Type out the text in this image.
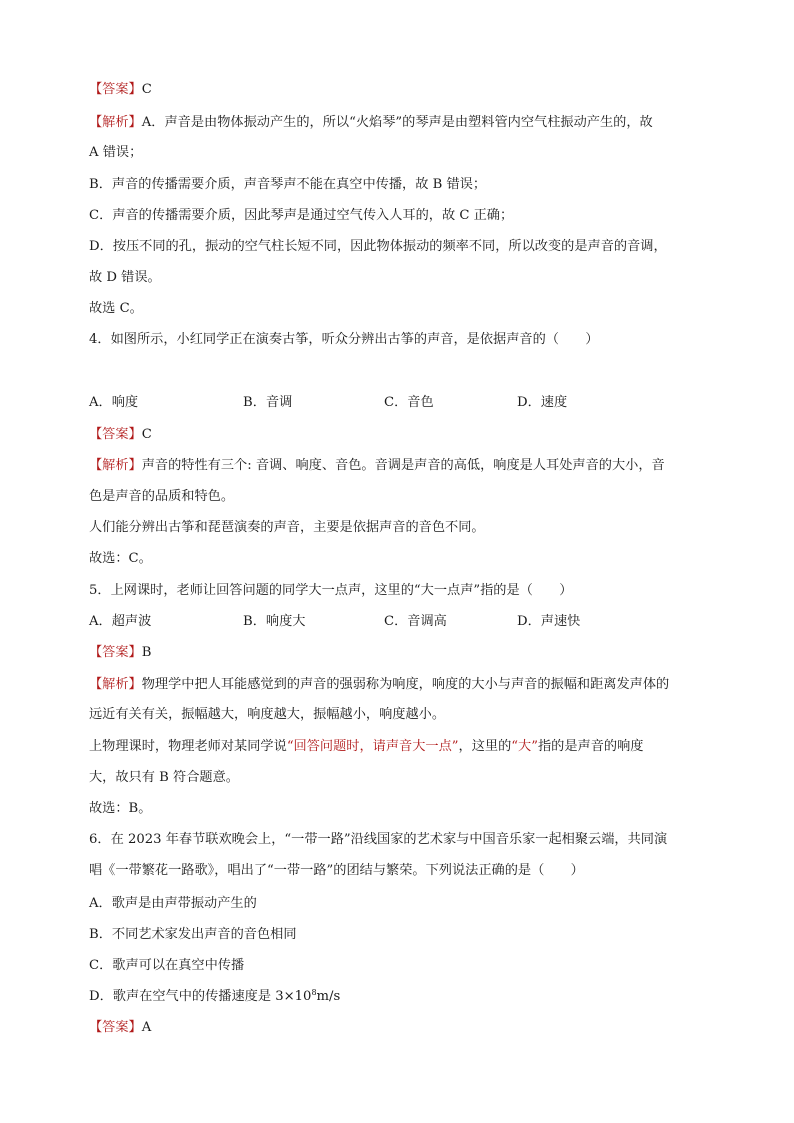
【答案】C
【解析】A．声音是由物体振动产生的，所以“火焰琴”的琴声是由塑料管内空气柱振动产生的，故
A 错误；
B．声音的传播需要介质，声音琴声不能在真空中传播，故 B 错误；
C．声音的传播需要介质，因此琴声是通过空气传入人耳的，故 C 正确；
D．按压不同的孔，振动的空气柱长短不同，因此物体振动的频率不同，所以改变的是声音的音调，
故 D 错误。
故选 C。
4．如图所示，小红同学正在演奏古筝，听众分辨出古筝的声音，是依据声音的（　　）
A．响度	B．音调	C．音色	D．速度
【答案】C
【解析】声音的特性有三个: 音调、响度、音色。音调是声音的高低，响度是人耳处声音的大小，音
色是声音的品质和特色。
人们能分辨出古筝和琵琶演奏的声音，主要是依据声音的音色不同。
故选：C。
5．上网课时，老师让回答问题的同学大一点声，这里的“大一点声”指的是（　　）
A．超声波	B．响度大	C．音调高	D．声速快
【答案】B
【解析】物理学中把人耳能感觉到的声音的强弱称为响度，响度的大小与声音的振幅和距离发声体的
远近有关有关，振幅越大，响度越大，振幅越小，响度越小。
上物理课时，物理老师对某同学说“回答问题时，请声音大一点”，这里的“大”指的是声音的响度
大，故只有 B 符合题意。
故选：B。
6．在 2023 年春节联欢晚会上，“一带一路”沿线国家的艺术家与中国音乐家一起相聚云端，共同演
唱《一带繁花一路歌》，唱出了“一带一路”的团结与繁荣。下列说法正确的是（　　）
A．歌声是由声带振动产生的
B．不同艺术家发出声音的音色相同
C．歌声可以在真空中传播
D．歌声在空气中的传播速度是 $3\times 10^8m/s$
【答案】A
